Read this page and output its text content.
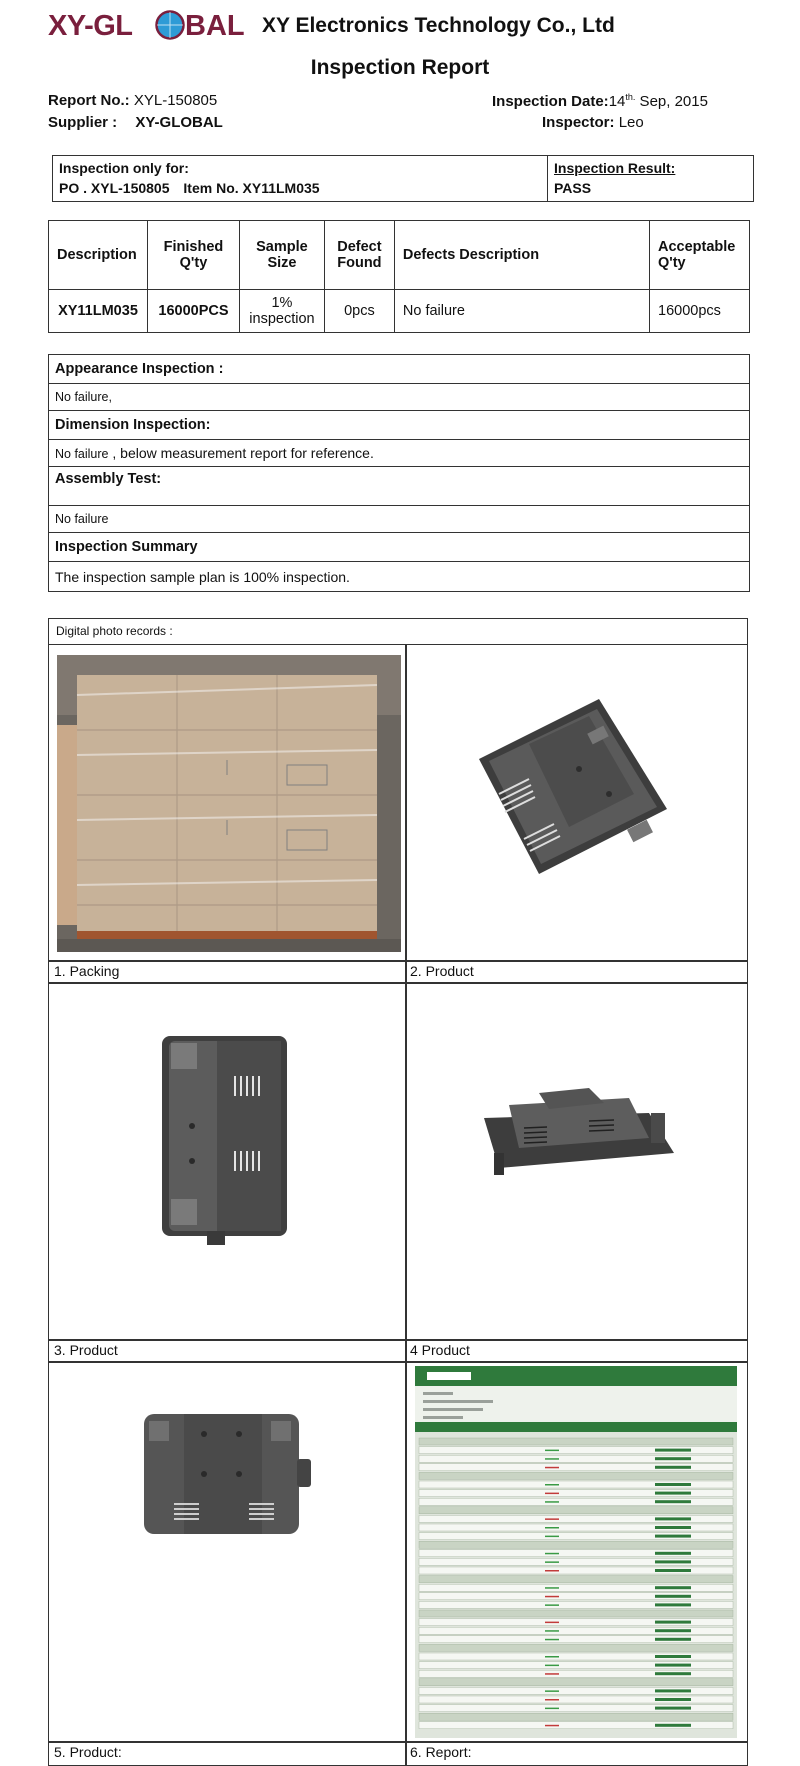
XY-GL BAL XY Electronics Technology Co., Ltd
Inspection Report
Report No.: XYL-150805
Supplier : XY-GLOBAL
Inspection $Date:14^{th.}$ Sep, 2015
Inspector: Leo
Inspection only for:
PO . XYL-150805 Item No. XY11LM035
Inspection Result:
PASS
Description	Finished Q'ty	Sample Size	Defect Found	Defects Description	Acceptable Q'ty
XY11LM035	16000PCS	1% inspection	0pcs	No failure	16000pcs
Appearance Inspection :
No failure,
Dimension Inspection:
No failure , below measurement report for reference.
Assembly Test:
No failure
Inspection Summary
The inspection sample plan is 100% inspection.
Digital photo records :
1. Packing	2. Product
3. Product	4 Product
5. Product:	6. Report:
